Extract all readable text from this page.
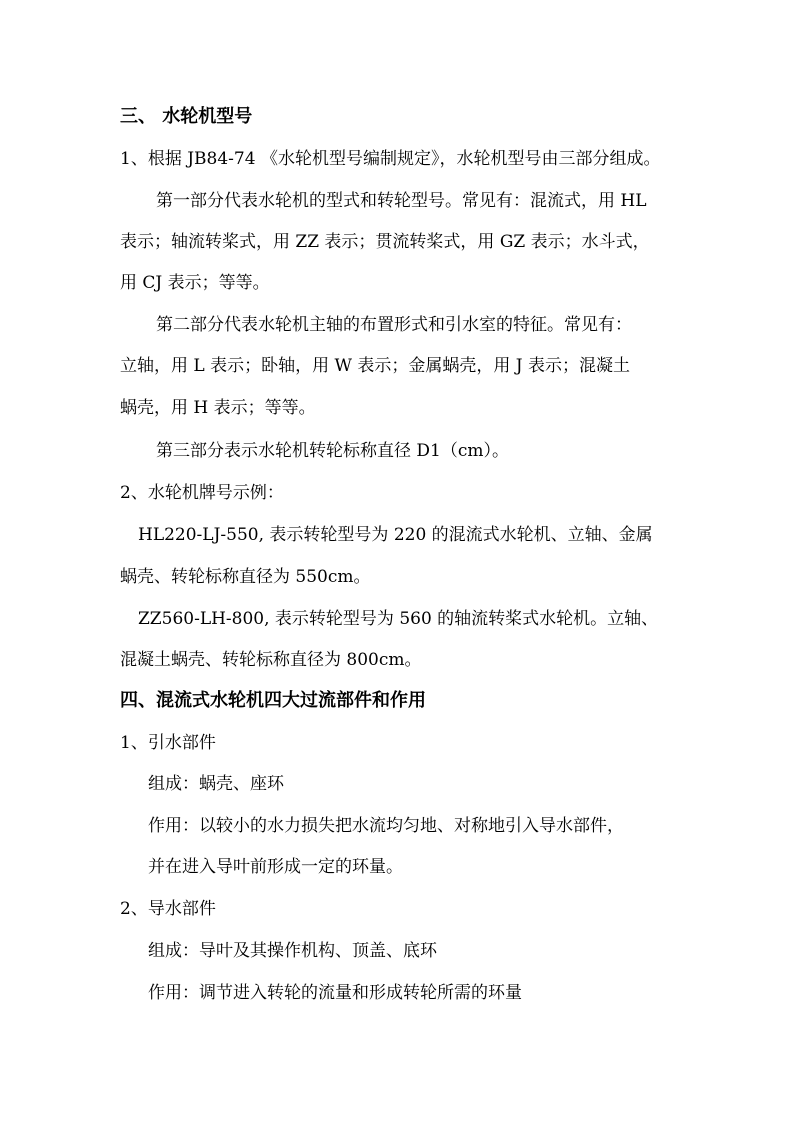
三、 水轮机型号

1、根据 JB84-74 《水轮机型号编制规定》，水轮机型号由三部分组成。

第一部分代表水轮机的型式和转轮型号。常见有：混流式，用 HL

表示；轴流转桨式，用 ZZ 表示；贯流转桨式，用 GZ 表示；水斗式，

用 CJ 表示；等等。

第二部分代表水轮机主轴的布置形式和引水室的特征。常见有：

立轴，用 L 表示；卧轴，用 W 表示；金属蜗壳，用 J 表示；混凝土

蜗壳，用 H 表示；等等。

第三部分表示水轮机转轮标称直径 D1（cm）。

2、水轮机牌号示例：

HL220-LJ-550, 表示转轮型号为 220 的混流式水轮机、立轴、金属

蜗壳、转轮标称直径为 550cm。

ZZ560-LH-800, 表示转轮型号为 560 的轴流转桨式水轮机。立轴、

混凝土蜗壳、转轮标称直径为 800cm。

四、混流式水轮机四大过流部件和作用

1、引水部件

组成：蜗壳、座环

作用：以较小的水力损失把水流均匀地、对称地引入导水部件，

并在进入导叶前形成一定的环量。

2、导水部件

组成：导叶及其操作机构、顶盖、底环

作用：调节进入转轮的流量和形成转轮所需的环量
